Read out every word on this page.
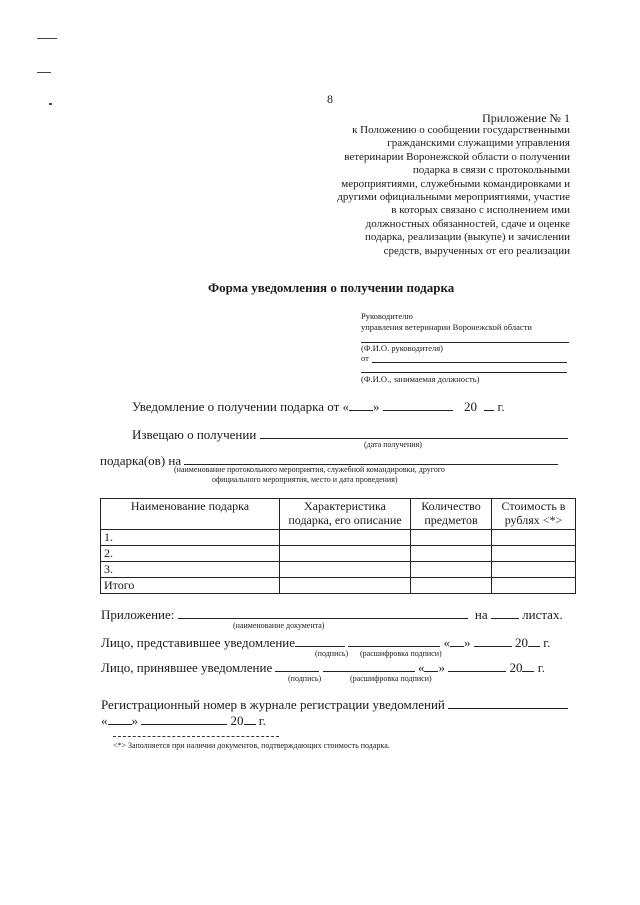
8
Приложение № 1
к Положению о сообщении государственными
гражданскими служащими управления
ветеринарии Воронежской области о получении
подарка в связи с протокольными
мероприятиями, служебными командировками и
другими официальными мероприятиями, участие
в которых связано с исполнением ими
должностных обязанностей, сдаче и оценке
подарка, реализации (выкупе) и зачислении
средств, вырученных от его реализации
Форма уведомления о получении подарка
Руководителю
управления ветеринарии Воронежской области
(Ф.И.О. руководителя)
от
(Ф.И.О., занимаемая должность)
Уведомление о получении подарка от « »	20 г.
Извещаю о получении
(дата получения)
подарка(ов) на
(наименование протокольного мероприятия, служебной командировки, другого
официального мероприятия, место и дата проведения)
Наименование подарка	Характеристика подарка, его описание	Количество предметов	Стоимость в рублях <*>
1.			
2.			
3.			
Итого			
Приложение:	на	листах.
(наименование документа)
Лицо, представившее уведомление	« »	20 г.
(подпись) (расшифровка подписи)
Лицо, принявшее уведомление	« »	20 г.
(подпись)	(расшифровка подписи)
Регистрационный номер в журнале регистрации уведомлений
« »	20 г.
<*> Заполняется при наличии документов, подтверждающих стоимость подарка.
